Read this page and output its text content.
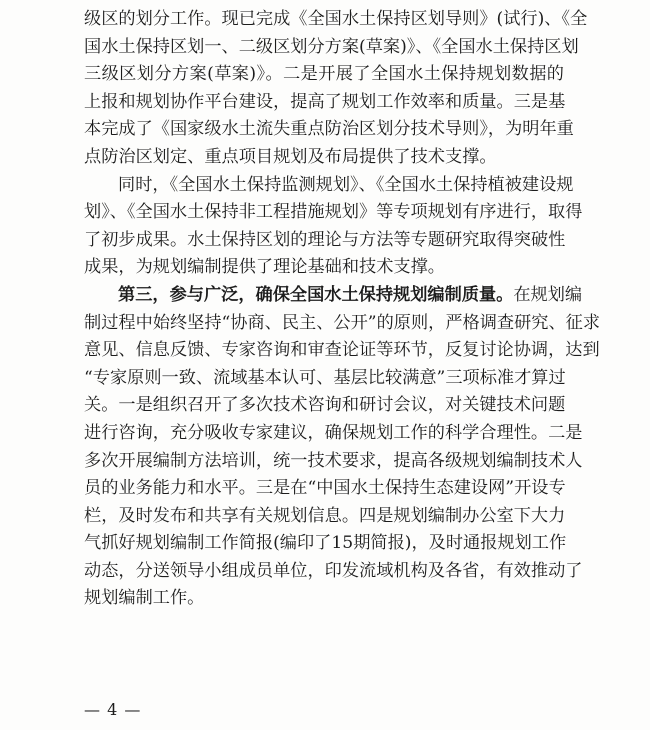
级区的划分工作。现已完成《全国水土保持区划导则》(试行)、《全
国水土保持区划一、二级区划分方案(草案)》、《全国水土保持区划
三级区划分方案(草案)》。二是开展了全国水土保持规划数据的
上报和规划协作平台建设，提高了规划工作效率和质量。三是基
本完成了《国家级水土流失重点防治区划分技术导则》，为明年重
点防治区划定、重点项目规划及布局提供了技术支撑。
同时，《全国水土保持监测规划》、《全国水土保持植被建设规
划》、《全国水土保持非工程措施规划》等专项规划有序进行，取得
了初步成果。水土保持区划的理论与方法等专题研究取得突破性
成果，为规划编制提供了理论基础和技术支撑。
第三，参与广泛，确保全国水土保持规划编制质量。在规划编
制过程中始终坚持“协商、民主、公开”的原则，严格调查研究、征求
意见、信息反馈、专家咨询和审查论证等环节，反复讨论协调，达到
“专家原则一致、流域基本认可、基层比较满意”三项标准才算过
关。一是组织召开了多次技术咨询和研讨会议，对关键技术问题
进行咨询，充分吸收专家建议，确保规划工作的科学合理性。二是
多次开展编制方法培训，统一技术要求，提高各级规划编制技术人
员的业务能力和水平。三是在“中国水土保持生态建设网”开设专
栏，及时发布和共享有关规划信息。四是规划编制办公室下大力
气抓好规划编制工作简报(编印了15期简报)，及时通报规划工作
动态，分送领导小组成员单位，印发流域机构及各省，有效推动了
规划编制工作。
— 4 —
